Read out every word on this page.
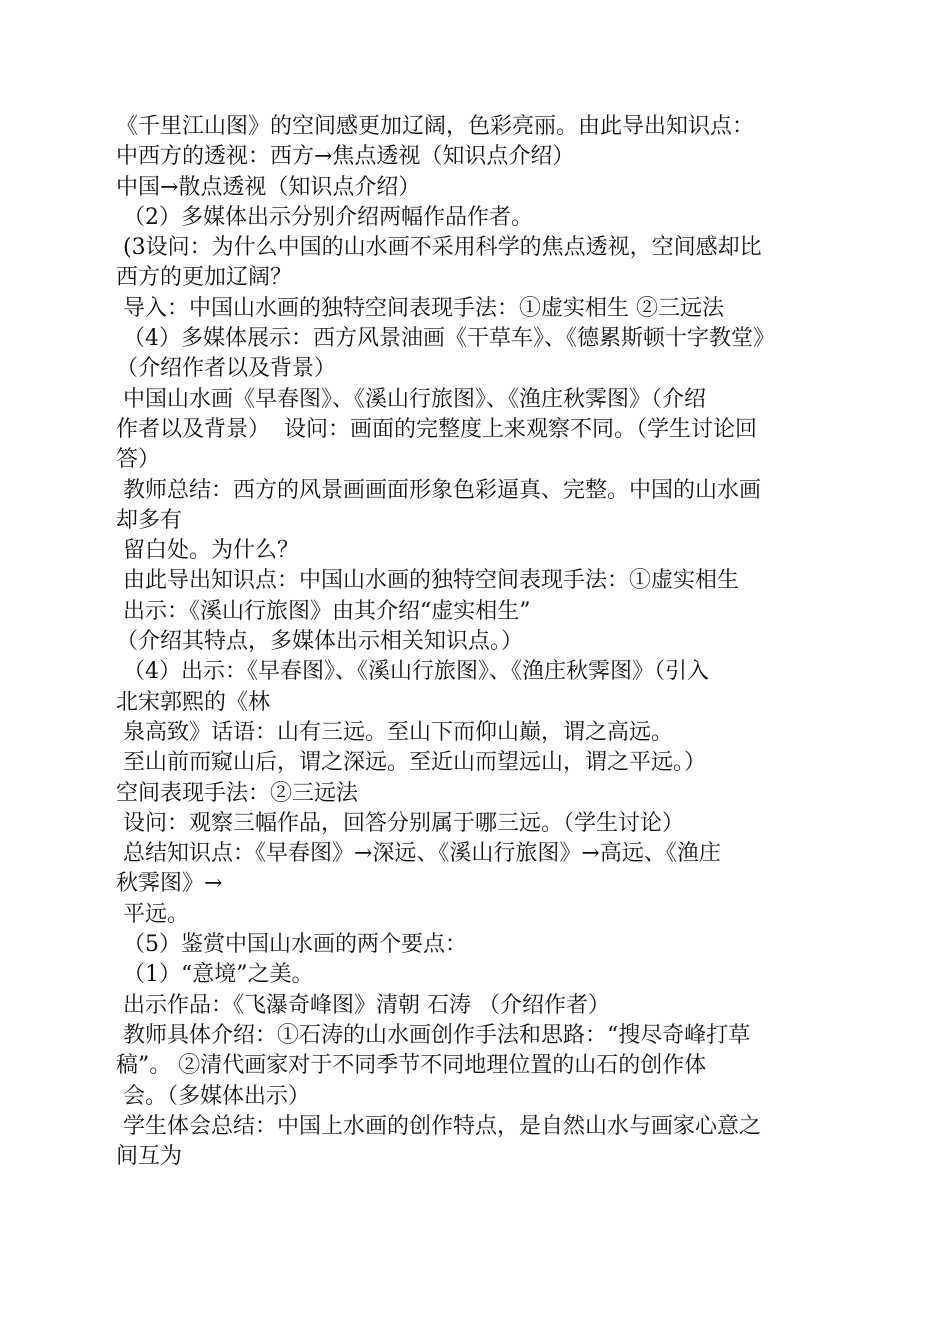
《千里江山图》的空间感更加辽阔，色彩亮丽。由此导出知识点：
中西方的透视：西方→焦点透视（知识点介绍）
中国→散点透视（知识点介绍）
（2）多媒体出示分别介绍两幅作品作者。
(3设问：为什么中国的山水画不采用科学的焦点透视，空间感却比
西方的更加辽阔？
导入：中国山水画的独特空间表现手法：①虚实相生 ②三远法
（4）多媒体展示：西方风景油画《干草车》、《德累斯顿十字教堂》
（介绍作者以及背景）
中国山水画《早春图》、《溪山行旅图》、《渔庄秋霁图》（介绍
作者以及背景）  设问：画面的完整度上来观察不同。（学生讨论回
答）
教师总结：西方的风景画画面形象色彩逼真、完整。中国的山水画
却多有
留白处。为什么？
由此导出知识点：中国山水画的独特空间表现手法：①虚实相生
出示：《溪山行旅图》由其介绍“虚实相生”
（介绍其特点，多媒体出示相关知识点。）
（4）出示：《早春图》、《溪山行旅图》、《渔庄秋霁图》（引入
北宋郭熙的《林
泉高致》话语：山有三远。至山下而仰山巅，谓之高远。
至山前而窥山后，谓之深远。至近山而望远山，谓之平远。）
空间表现手法：②三远法
设问：观察三幅作品，回答分别属于哪三远。（学生讨论）
总结知识点：《早春图》→深远、《溪山行旅图》→高远、《渔庄
秋霁图》→
平远。
（5）鉴赏中国山水画的两个要点：
（1）“意境”之美。
出示作品：《飞瀑奇峰图》清朝 石涛 （介绍作者）
教师具体介绍：①石涛的山水画创作手法和思路：“搜尽奇峰打草
稿”。 ②清代画家对于不同季节不同地理位置的山石的创作体
会。（多媒体出示）
学生体会总结：中国上水画的创作特点，是自然山水与画家心意之
间互为
